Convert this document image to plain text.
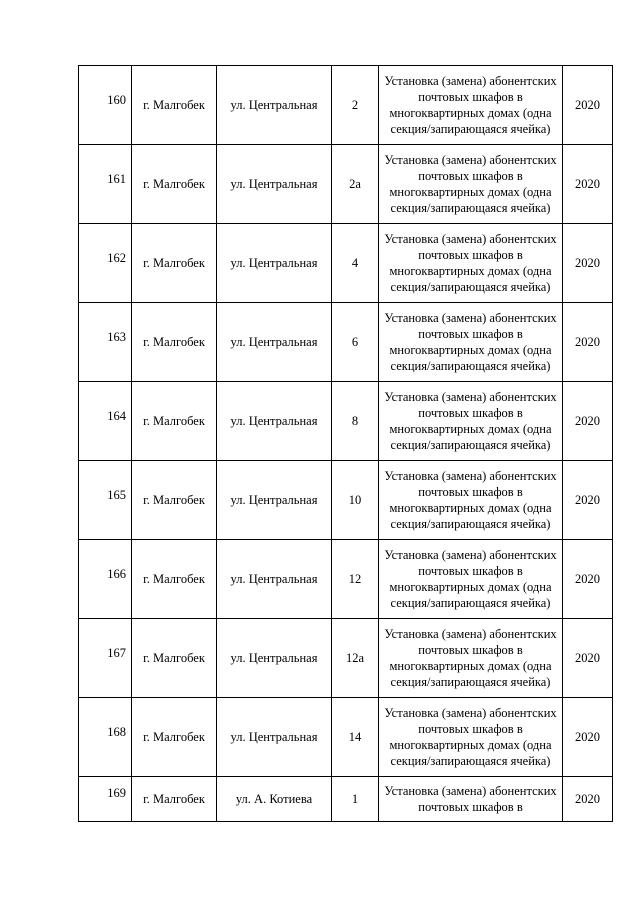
160	г. Малгобек	ул. Центральная	2	Установка (замена) абонентских
почтовых шкафов в
многоквартирных домах (одна
секция/запирающаяся ячейка)	2020
161	г. Малгобек	ул. Центральная	2а	Установка (замена) абонентских
почтовых шкафов в
многоквартирных домах (одна
секция/запирающаяся ячейка)	2020
162	г. Малгобек	ул. Центральная	4	Установка (замена) абонентских
почтовых шкафов в
многоквартирных домах (одна
секция/запирающаяся ячейка)	2020
163	г. Малгобек	ул. Центральная	6	Установка (замена) абонентских
почтовых шкафов в
многоквартирных домах (одна
секция/запирающаяся ячейка)	2020
164	г. Малгобек	ул. Центральная	8	Установка (замена) абонентских
почтовых шкафов в
многоквартирных домах (одна
секция/запирающаяся ячейка)	2020
165	г. Малгобек	ул. Центральная	10	Установка (замена) абонентских
почтовых шкафов в
многоквартирных домах (одна
секция/запирающаяся ячейка)	2020
166	г. Малгобек	ул. Центральная	12	Установка (замена) абонентских
почтовых шкафов в
многоквартирных домах (одна
секция/запирающаяся ячейка)	2020
167	г. Малгобек	ул. Центральная	12а	Установка (замена) абонентских
почтовых шкафов в
многоквартирных домах (одна
секция/запирающаяся ячейка)	2020
168	г. Малгобек	ул. Центральная	14	Установка (замена) абонентских
почтовых шкафов в
многоквартирных домах (одна
секция/запирающаяся ячейка)	2020
169	г. Малгобек	ул. А. Котиева	1	Установка (замена) абонентских
почтовых шкафов в	2020
